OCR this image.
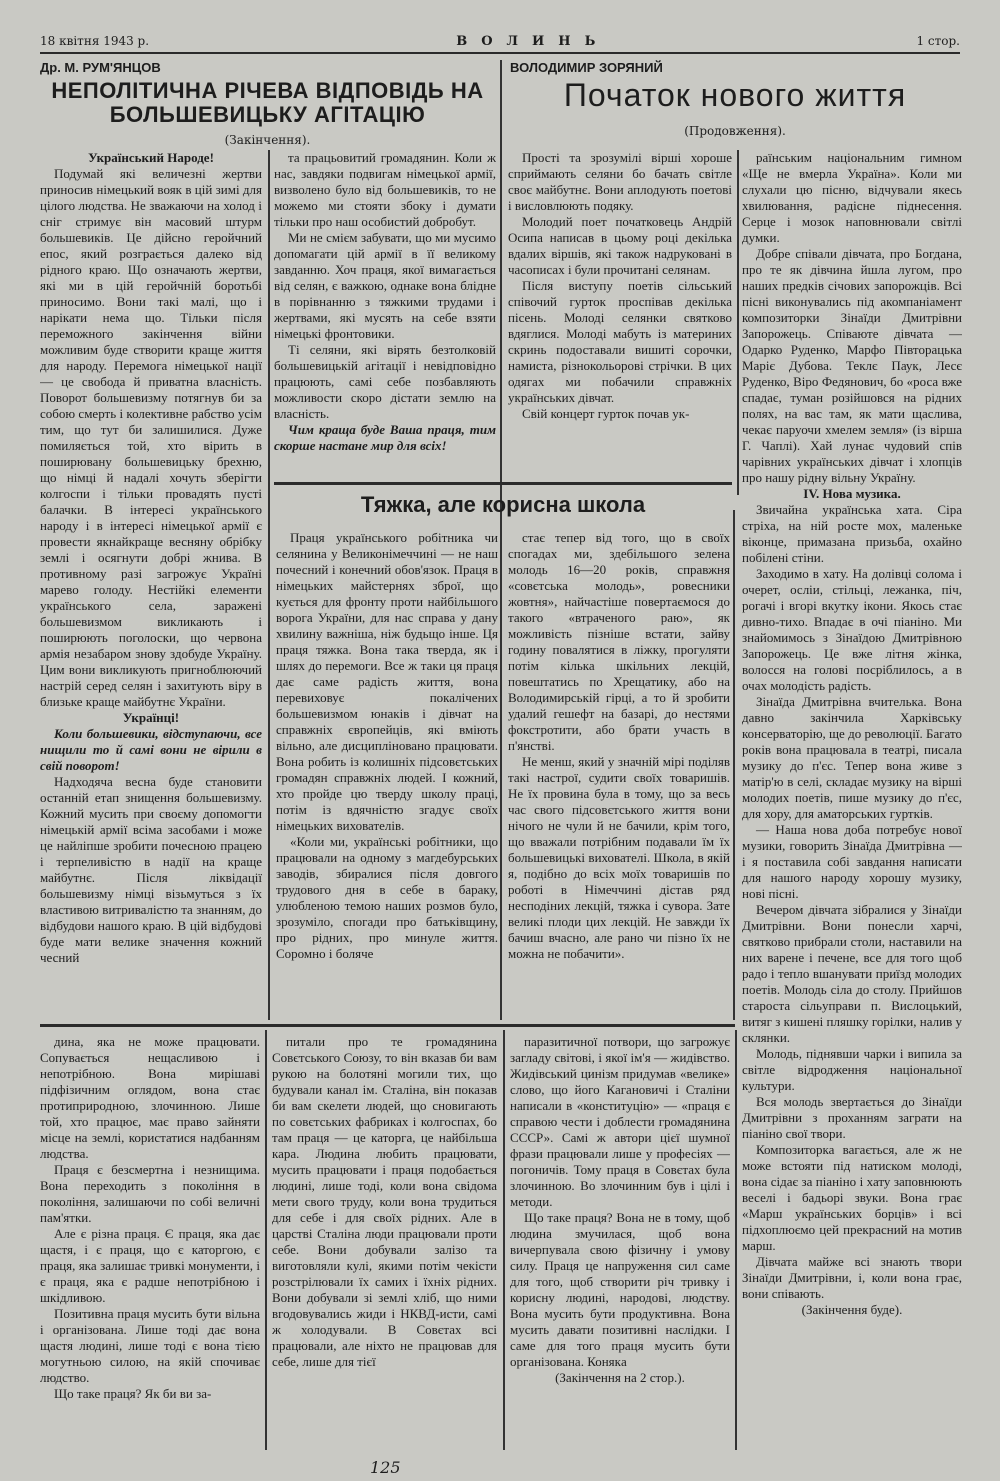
18 квітня 1943 р.	ВОЛИНЬ	1 стор.
Др. М. РУМ'ЯНЦОВ
НЕПОЛІТИЧНА РІЧЕВА ВІДПОВІДЬ НА БОЛЬШЕВИЦЬКУ АГІТАЦІЮ
(Закінчення).
ВОЛОДИМИР ЗОРЯНИЙ
Початок нового життя
(Продовження).

Український Народе!

Подумай які величезні жертви приносив німецький вояк в цій зимі для цілого людства. Не зважаючи на холод і сніг стримує він масовий штурм большевиків. Це дійсно геройчний епос, який розграється далеко від рідного краю. Що означають жертви, які ми в цій геройчній боротьбі приносимо. Вони такі малі, що і нарікати нема що. Тільки після переможного закінчення війни можливим буде створити краще життя для народу. Перемога німецької нації — це свобода й приватна власність. Поворот большевизму потягнув би за собою смерть і колективне рабство усім тим, що тут би залишилися. Дуже помиляється той, хто вірить в поширювану большевицьку брехню, що німці й надалі хочуть зберігти колгоспи і тільки провадять пусті балачки. В інтересі українського народу і в інтересі німецької армії є провести якнайкраще весняну обрібку землі і осягнути добрі жнива. В противному разі загрожує Україні марево голоду. Нестійкі елементи українського села, заражені большевизмом викликають і поширюють поголоски, що червона армія незабаром знову здобуде Україну. Цим вони викликують пригноблюючий настрій серед селян і захитують віру в близьке краще майбутнє України.

Українці!

Коли большевики, відступаючи, все нищили то й самі вони не вірили в свій поворот!

Надходяча весна буде становити останній етап знищення большевизму. Кожний мусить при своєму допомогти німецькій армії всіма засобами і може це найліпше зробити почесною працею і терпеливістю в надії на краще майбутнє. Після ліквідації большевизму німці візьмуться з їх властивою витривалістю та знанням, до відбудови нашого краю. В цій відбудові буде мати велике значення кожний чесний

та працьовитий громадянин. Коли ж нас, завдяки подвигам німецької армії, визволено було від большевиків, то не можемо ми стояти збоку і думати тільки про наш особистий добробут.

Ми не смієм забувати, що ми мусимо допомагати цій армії в її великому завданню. Хоч праця, якої вимагається від селян, є важкою, однаке вона блідне в порівнанню з тяжкими трудами і жертвами, які мусять на себе взяти німецькі фронтовики.

Ті селяни, які вірять безтолковій большевицькій агітації і невідповідно працюють, самі себе позбавляють можливости скоро дістати землю на власність.

Чим краща буде Ваша праця, тим скорше настане мир для всіх!

Прості та зрозумілі вірші хороше сприймають селяни бо бачать світле своє майбутнє. Вони аплодують поетові і висловлюють подяку.

Молодий поет початковець Андрій Осипа написав в цьому році декілька вдалих віршів, які також надруковані в часописах і були прочитані селянам.

Після виступу поетів сільський співочий гурток проспівав декілька пісень. Молоді селянки святково вдяглися. Молоді мабуть із материних скринь подоставали вишиті сорочки, намиста, різнокольорові стрічки. В цих одягах ми побачили справжніх українських дівчат.

Свій концерт гурток почав ук-

раїнським національним гимном «Ще не вмерла Україна». Коли ми слухали цю пісню, відчували якесь хвилювання, радісне піднесення. Серце і мозок наповнювали світлі думки.

Добре співали дівчата, про Богдана, про те як дівчина йшла лугом, про наших предків січових запорожців. Всі пісні виконувались під акомпаніамент композиторки Зінаїди Дмитрівни Запорожець. Співаюте дівчата — Одарко Руденко, Марфо Півторацька Маріє Дубова. Теклє Паук, Лесє Руденко, Віро Федянович, бо «роса вже спадає, туман розійшовся на рідних полях, на вас там, як мати щаслива, чекає паруочи хмелем земля» (із вірша Г. Чаплі). Хай лунає чудовий спів чарівних українських дівчат і хлопців про нашу рідну вільну Україну.

IV. Нова музика.

Звичайна українська хата. Сіра стріха, на ній росте мох, маленьке віконце, примазана призьба, охайно побілені стіни.

Заходимо в хату. На долівці солома і очерет, осліи, стільці, лежанка, піч, рогачі і вгорі вкутку ікони. Якось стає дивно-тихо. Впадає в очі піаніно. Ми знайомимось з Зінаїдою Дмитрівною Запорожець. Це вже літня жінка, волосся на голові посріблилось, а в очах молодість радість.

Зінаїда Дмитрівна вчителька. Вона давно закінчила Харківську консерваторію, ще до революції. Багато років вона працювала в театрі, писала музику до п'єс. Тепер вона живе з матір'ю в селі, складає музику на вірші молодих поетів, пише музику до п'єс, для хору, для аматорських гуртків.

— Наша нова доба потребує нової музики, говорить Зінаїда Дмитрівна — і я поставила собі завдання написати для нашого народу хорошу музику, нові пісні.

Вечером дівчата зібралися у Зінаїди Дмитрівни. Вони понесли харчі, святково прибрали столи, наставили на них варене і печене, все для того щоб радо і тепло вшанувати приїзд молодих поетів. Молодь сіла до столу. Прийшов староста сільуправи п. Вислоцький, витяг з кишені пляшку горілки, налив у склянки.

Молодь, піднявши чарки і випила за світле відродження національної культури.

Вся молодь звертається до Зінаїди Дмитрівни з проханням заграти на піаніно свої твори.

Композиторка вагається, але ж не може встояти під натиском молоді, вона сідає за піаніно і хату заповнюють веселі і бадьорі звуки. Вона грає «Марш українських борців» і всі підхоплюємо цей прекрасний на мотив марш.

Дівчата майже всі знають твори Зінаїди Дмитрівни, і, коли вона грає, вони співають.

(Закінчення буде).

Тяжка, але корисна школа

Праця українського робітника чи селянина у Великонімеччині — не наш почесний і конечний обов'язок. Праця в німецьких майстернях зброї, що кується для фронту проти найбільшого ворога України, для нас справа у дану хвилину важніша, ніж будьщо інше. Ця праця тяжка. Вона така тверда, як і шлях до перемоги. Все ж таки ця праця дає саме радість життя, вона перевиховує покалічених большевизмом юнаків і дівчат на справжніх європейців, які вміють вільно, але дисципліновано працювати. Вона робить із колишніх підсовєтських громадян справжніх людей. І кожний, хто пройде цю тверду школу праці, потім із вдячністю згадує своїх німецьких вихователів.

«Коли ми, українські робітники, що працювали на одному з магдебурських заводів, збиралися після довгого трудового дня в себе в бараку, улюбленою темою наших розмов було, зрозуміло, спогади про батьківщину, про рідних, про минуле життя. Соромно і боляче

стає тепер від того, що в своїх спогадах ми, здебільшого зелена молодь 16—20 років, справжня «совєтська молодь», ровесники жовтня», найчастіше повертаємося до такого «втраченого раю», як можливість пізніше встати, зайву годину повалятися в ліжку, прогуляти потім кілька шкільних лекцій, повештатись по Хрещатику, або на Володимирській гірці, а то й зробити удалий гешефт на базарі, до нестями фокстротити, або брати участь в п'янстві.

Не менш, який у значній мірі поділяв такі настрої, судити своїх товаришів. Не їх провина була в тому, що за весь час свого підсовєтського життя вони нічого не чули й не бачили, крім того, що вважали потрібним подавали їм їх большевицькі вихователі. Школа, в якій я, подібно до всіх моїх товаришів по роботі в Німеччині дістав ряд несподіних лекцій, тяжка і сувора. Зате великі плоди цих лекцій. Не завжди їх бачиш вчасно, але рано чи пізно їх не можна не побачити».

дина, яка не може працювати. Сопувається нещасливою і непотрібною. Вона мирішаві підфізичним оглядом, вона стає протиприродною, злочинною. Лише той, хто працює, має право зайняти місце на землі, користатися надбанням людства.

Праця є безсмертна і незнищима. Вона переходить з покоління в покоління, залишаючи по собі величні пам'ятки.

Але є різна праця. Є праця, яка дає щастя, і є праця, що є каторгою, є праця, яка залишає тривкі монументи, і є праця, яка є радше непотрібною і шкідливою.

Позитивна праця мусить бути вільна і організована. Лише тоді дає вона щастя людині, лише тоді є вона тією могутньою силою, на якій спочиває людство.

Що таке праця? Як би ви за-

питали про те громадянина Совєтського Союзу, то він вказав би вам рукою на болотяні могили тих, що будували канал ім. Сталіна, він показав би вам скелети людей, що сновигають по совєтських фабриках і колгоспах, бо там праця — це каторга, це найбільша кара. Людина любить працювати, мусить працювати і праця подобається людині, лише тоді, коли вона свідома мети свого труду, коли вона трудиться для себе і для своїх рідних. Але в царстві Сталіна люди працювали проти себе. Вони добували залізо та виготовляли кулі, якими потім чекісти розстрілювали їх самих і їхніх рідних. Вони добували зі землі хліб, що ними вгодовувались жиди і НКВД-исти, самі ж холодували. В Совєтах всі працювали, але ніхто не працював для себе, лише для тієї

паразитичної потвори, що загрожує загладу світові, і якої ім'я — жидівство. Жидівський цинізм придумав «велике» слово, що його Кагановичі і Сталіни написали в «конституцію» — «праця є справою чести і доблести громадянина СССР». Самі ж автори цієї шумної фрази працювали лише у професіях — погоничів. Тому праця в Совєтах була злочинною. Во злочинним був і цілі і методи.

Що таке праця? Вона не в тому, щоб людина змучилася, щоб вона вичерпувала свою фізичну і умову силу. Праця це напруження сил саме для того, щоб створити річ тривку і корисну людині, народові, людству. Вона мусить бути продуктивна. Вона мусить давати позитивні наслідки. І саме для того праця мусить бути організована. Конякa

(Закінчення на 2 стор.).

125
